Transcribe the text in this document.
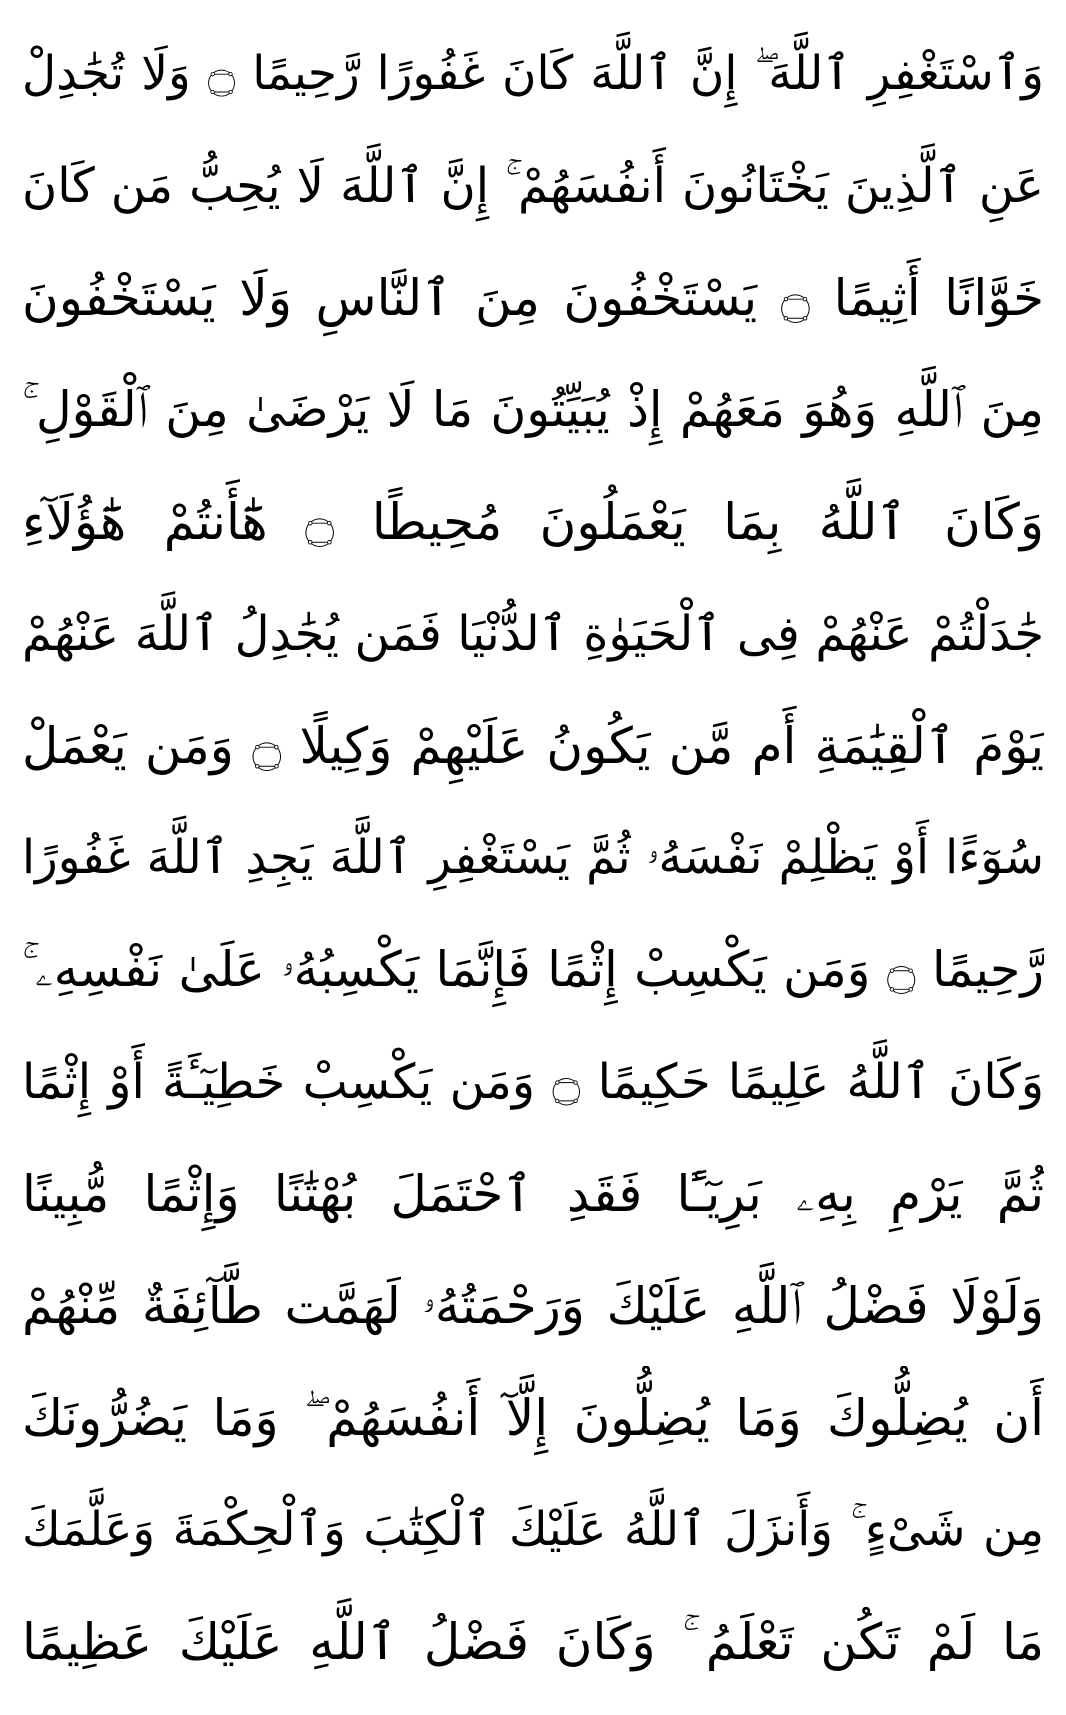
وَٱسْتَغْفِرِ ٱللَّهَ ۖ إِنَّ ٱللَّهَ كَانَ غَفُورًا رَّحِيمًا ۝ وَلَا تُجَٰدِلْ
عَنِ ٱلَّذِينَ يَخْتَانُونَ أَنفُسَهُمْ ۚ إِنَّ ٱللَّهَ لَا يُحِبُّ مَن كَانَ
خَوَّانًا أَثِيمًا ۝ يَسْتَخْفُونَ مِنَ ٱلنَّاسِ وَلَا يَسْتَخْفُونَ
مِنَ ٱللَّهِ وَهُوَ مَعَهُمْ إِذْ يُبَيِّتُونَ مَا لَا يَرْضَىٰ مِنَ ٱلْقَوْلِ ۚ
وَكَانَ ٱللَّهُ بِمَا يَعْمَلُونَ مُحِيطًا ۝ هَٰٓأَنتُمْ هَٰٓؤُلَآءِ
جَٰدَلْتُمْ عَنْهُمْ فِى ٱلْحَيَوٰةِ ٱلدُّنْيَا فَمَن يُجَٰدِلُ ٱللَّهَ عَنْهُمْ
يَوْمَ ٱلْقِيَٰمَةِ أَم مَّن يَكُونُ عَلَيْهِمْ وَكِيلًا ۝ وَمَن يَعْمَلْ
سُوٓءًا أَوْ يَظْلِمْ نَفْسَهُۥ ثُمَّ يَسْتَغْفِرِ ٱللَّهَ يَجِدِ ٱللَّهَ غَفُورًا
رَّحِيمًا ۝ وَمَن يَكْسِبْ إِثْمًا فَإِنَّمَا يَكْسِبُهُۥ عَلَىٰ نَفْسِهِۦ ۚ
وَكَانَ ٱللَّهُ عَلِيمًا حَكِيمًا ۝ وَمَن يَكْسِبْ خَطِيٓـَٔةً أَوْ إِثْمًا
ثُمَّ يَرْمِ بِهِۦ بَرِيٓـًٔا فَقَدِ ٱحْتَمَلَ بُهْتَٰنًا وَإِثْمًا مُّبِينًا
وَلَوْلَا فَضْلُ ٱللَّهِ عَلَيْكَ وَرَحْمَتُهُۥ لَهَمَّت طَّآئِفَةٌ مِّنْهُمْ
أَن يُضِلُّوكَ وَمَا يُضِلُّونَ إِلَّآ أَنفُسَهُمْ ۖ وَمَا يَضُرُّونَكَ
مِن شَىْءٍ ۚ وَأَنزَلَ ٱللَّهُ عَلَيْكَ ٱلْكِتَٰبَ وَٱلْحِكْمَةَ وَعَلَّمَكَ
مَا لَمْ تَكُن تَعْلَمُ ۚ وَكَانَ فَضْلُ ٱللَّهِ عَلَيْكَ عَظِيمًا
